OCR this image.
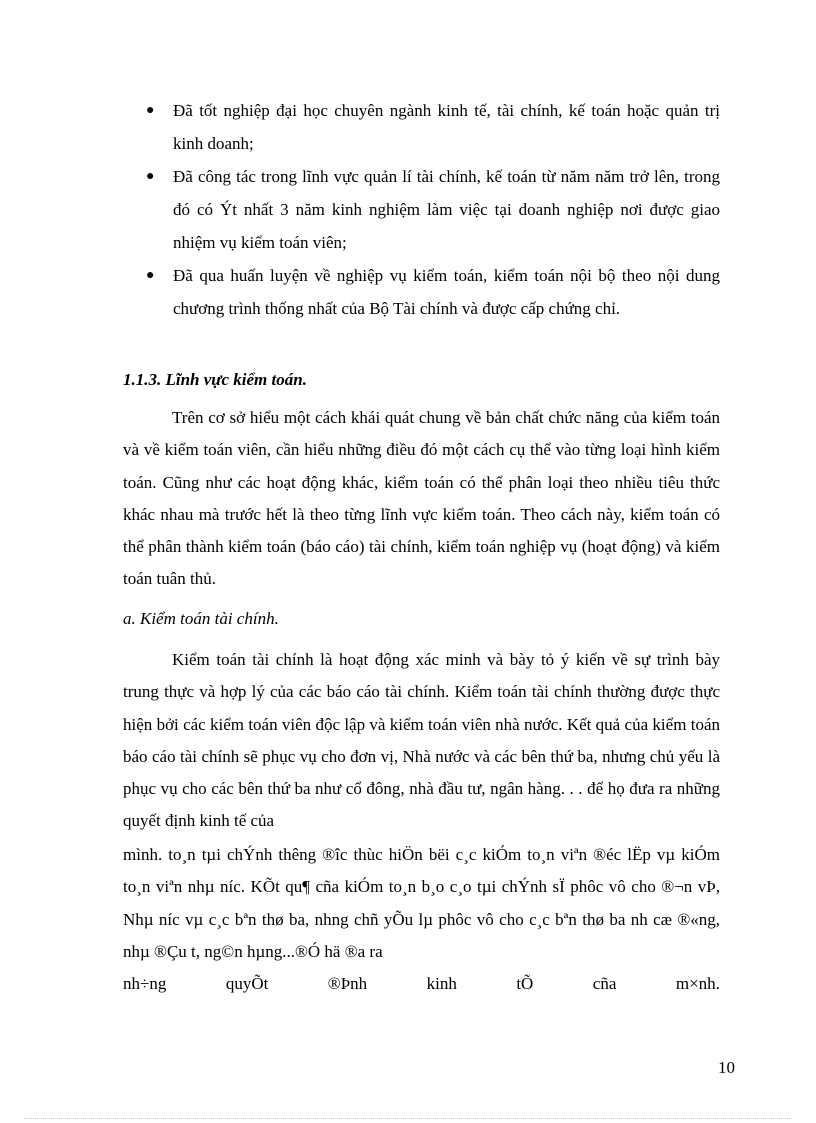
● Đã tốt nghiệp đại học chuyên ngành kinh tế, tài chính, kế toán hoặc quản trị kinh doanh;
● Đã công tác trong lĩnh vực quản lí tài chính, kế toán từ năm năm trở lên, trong đó có Ýt nhất 3 năm kinh nghiệm làm việc tại doanh nghiệp nơi được giao nhiệm vụ kiểm toán viên;
● Đã qua huấn luyện về nghiệp vụ kiểm toán, kiểm toán nội bộ theo nội dung chương trình thống nhất của Bộ Tài chính và được cấp chứng chỉ.
1.1.3. Lĩnh vực kiểm toán.

Trên cơ sở hiểu một cách khái quát chung về bản chất chức năng của kiểm toán và về kiểm toán viên, cần hiểu những điều đó một cách cụ thể vào từng loại hình kiểm toán. Cũng như các hoạt động khác, kiểm toán có thể phân loại theo nhiều tiêu thức khác nhau mà trước hết là theo từng lĩnh vực kiểm toán. Theo cách này, kiểm toán có thể phân thành kiểm toán (báo cáo) tài chính, kiểm toán nghiệp vụ (hoạt động) và kiểm toán tuân thủ.

a. Kiểm toán tài chính.

Kiểm toán tài chính là hoạt động xác minh và bày tỏ ý kiến về sự trình bày trung thực và hợp lý của các báo cáo tài chính. Kiểm toán tài chính thường được thực hiện bởi các kiểm toán viên độc lập và kiểm toán viên nhà nước. Kết quả của kiểm toán báo cáo tài chính sẽ phục vụ cho đơn vị, Nhà nước và các bên thứ ba, nhưng chủ yếu là phục vụ cho các bên thứ ba như cổ đông, nhà đầu tư, ngân hàng. . . để họ đưa ra những quyết định kinh tế của

mình. to¸n tµi chÝnh thêng ®îc thùc hiÖn bëi c¸c kiÓm to¸n viªn ®éc lËp vµ kiÓm to¸n viªn nhµ níc. KÕt qu¶ cña kiÓm to¸n b¸o c¸o tµi chÝnh sÏ phôc vô cho ®¬n vÞ, Nhµ níc vµ c¸c bªn thø ba, nhng chñ yÕu lµ phôc vô cho c¸c bªn thø ba nh cæ ®«ng, nhµ ®Çu t, ng©n hµng...®Ó hä ®a ra
nh÷ng	quyÕt	®Þnh	kinh	tÕ	cña	m×nh.
10
